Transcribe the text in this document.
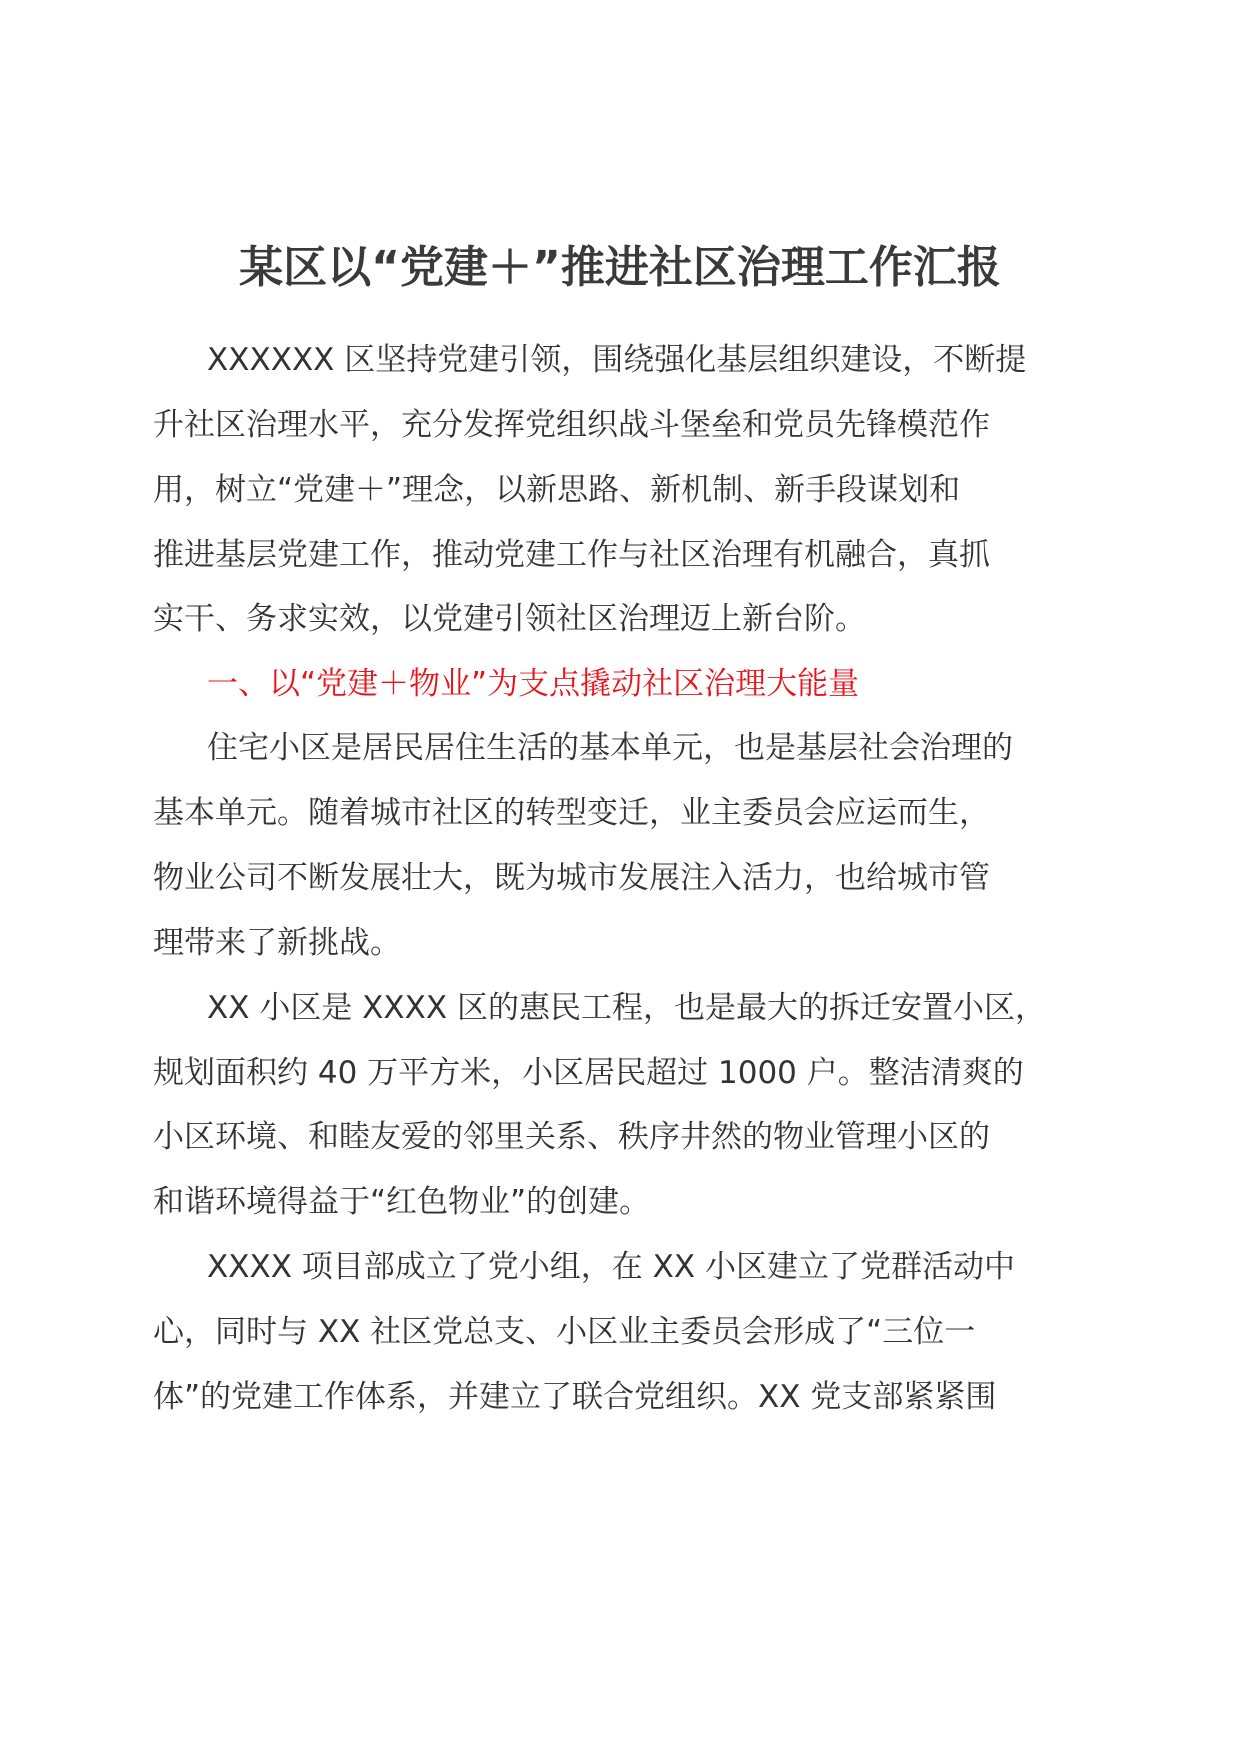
某区以“党建＋”推进社区治理工作汇报
XXXXXX 区坚持党建引领，围绕强化基层组织建设，不断提
升社区治理水平，充分发挥党组织战斗堡垒和党员先锋模范作
用，树立“党建＋”理念，以新思路、新机制、新手段谋划和
推进基层党建工作，推动党建工作与社区治理有机融合，真抓
实干、务求实效，以党建引领社区治理迈上新台阶。
一、以“党建＋物业”为支点撬动社区治理大能量
住宅小区是居民居住生活的基本单元，也是基层社会治理的
基本单元。随着城市社区的转型变迁，业主委员会应运而生，
物业公司不断发展壮大，既为城市发展注入活力，也给城市管
理带来了新挑战。
XX 小区是 XXXX 区的惠民工程，也是最大的拆迁安置小区，
规划面积约 40 万平方米，小区居民超过 1000 户。整洁清爽的
小区环境、和睦友爱的邻里关系、秩序井然的物业管理小区的
和谐环境得益于“红色物业”的创建。
XXXX 项目部成立了党小组，在 XX 小区建立了党群活动中
心，同时与 XX 社区党总支、小区业主委员会形成了“三位一
体”的党建工作体系，并建立了联合党组织。XX 党支部紧紧围
